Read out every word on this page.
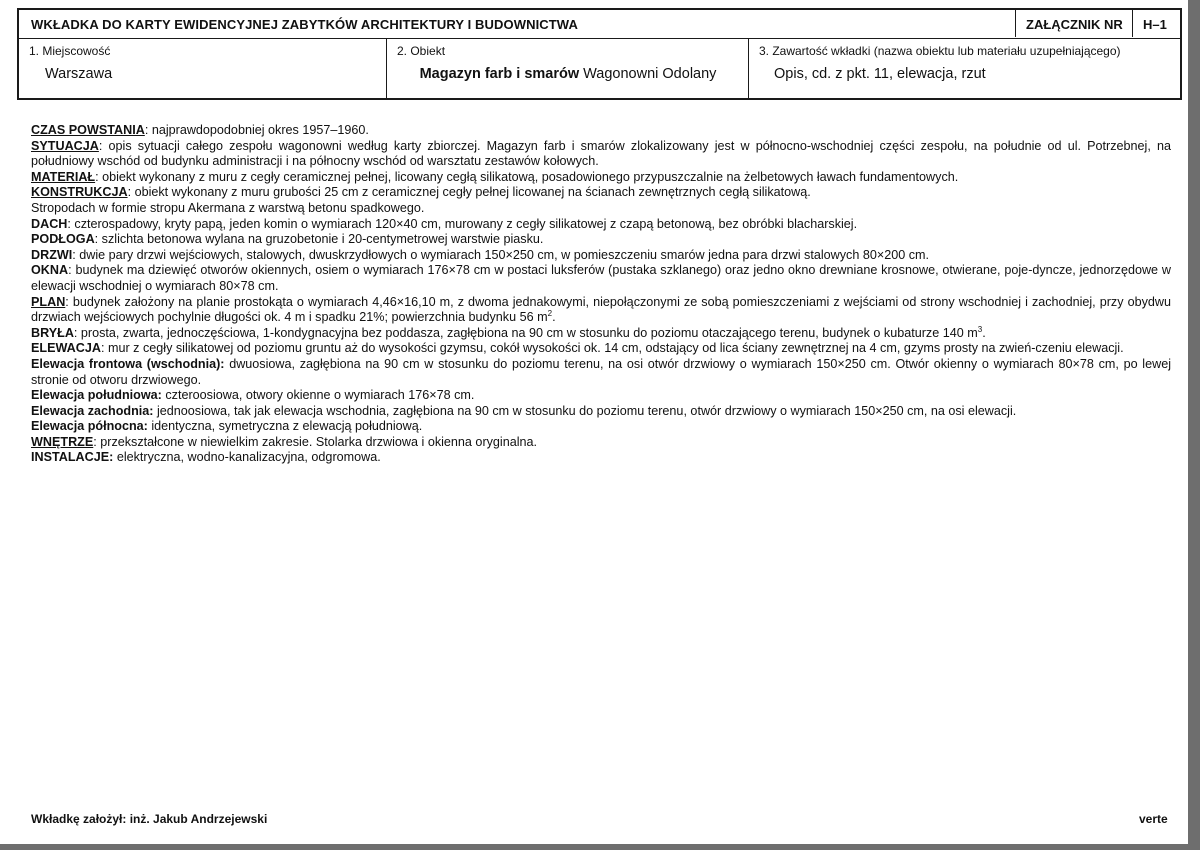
WKŁADKA DO KARTY EWIDENCYJNEJ ZABYTKÓW ARCHITEKTURY I BUDOWNICTWA	ZAŁĄCZNIK NR H–1
1. Miejscowość
Warszawa
2. Obiekt
Magazyn farb i smarów Wagonowni Odolany
3. Zawartość wkładki (nazwa obiektu lub materiału uzupełniającego)
Opis, cd. z pkt. 11, elewacja, rzut

CZAS POWSTANIA: najprawdopodobniej okres 1957–1960.

SYTUACJA: opis sytuacji całego zespołu wagonowni według karty zbiorczej. Magazyn farb i smarów zlokalizowany jest w północno-wschodniej części zespołu, na południe od ul. Potrzebnej, na południowy wschód od budynku administracji i na północny wschód od warsztatu zestawów kołowych.

MATERIAŁ: obiekt wykonany z muru z cegły ceramicznej pełnej, licowany cegłą silikatową, posadowionego przypuszczalnie na żelbetowych ławach fundamentowych.

KONSTRUKCJA: obiekt wykonany z muru grubości 25 cm z ceramicznej cegły pełnej licowanej na ścianach zewnętrznych cegłą silikatową.

Stropodach w formie stropu Akermana z warstwą betonu spadkowego.

DACH: czterospadowy, kryty papą, jeden komin o wymiarach 120×40 cm, murowany z cegły silikatowej z czapą betonową, bez obróbki blacharskiej.

PODŁOGA: szlichta betonowa wylana na gruzobetonie i 20-centymetrowej warstwie piasku.

DRZWI: dwie pary drzwi wejściowych, stalowych, dwuskrzydłowych o wymiarach 150×250 cm, w pomieszczeniu smarów jedna para drzwi stalowych 80×200 cm.

OKNA: budynek ma dziewięć otworów okiennych, osiem o wymiarach 176×78 cm w postaci luksferów (pustaka szklanego) oraz jedno okno drewniane krosnowe, otwierane, poje-dyncze, jednorzędowe w elewacji wschodniej o wymiarach 80×78 cm.

PLAN: budynek założony na planie prostokąta o wymiarach 4,46×16,10 m, z dwoma jednakowymi, niepołączonymi ze sobą pomieszczeniami z wejściami od strony wschodniej i zachodniej, przy obydwu drzwiach wejściowych pochylnie długości ok. 4 m i spadku 21%; powierzchnia budynku 56 $m^2$.

BRYŁA: prosta, zwarta, jednoczęściowa, 1-kondygnacyjna bez poddasza, zagłębiona na 90 cm w stosunku do poziomu otaczającego terenu, budynek o kubaturze 140 $m^3$.

ELEWACJA: mur z cegły silikatowej od poziomu gruntu aż do wysokości gzymsu, cokół wysokości ok. 14 cm, odstający od lica ściany zewnętrznej na 4 cm, gzyms prosty na zwień-czeniu elewacji.

Elewacja frontowa (wschodnia): dwuosiowa, zagłębiona na 90 cm w stosunku do poziomu terenu, na osi otwór drzwiowy o wymiarach 150×250 cm. Otwór okienny o wymiarach 80×78 cm, po lewej stronie od otworu drzwiowego.

Elewacja południowa: czteroosiowa, otwory okienne o wymiarach 176×78 cm.

Elewacja zachodnia: jednoosiowa, tak jak elewacja wschodnia, zagłębiona na 90 cm w stosunku do poziomu terenu, otwór drzwiowy o wymiarach 150×250 cm, na osi elewacji.

Elewacja północna: identyczna, symetryczna z elewacją południową.

WNĘTRZE: przekształcone w niewielkim zakresie. Stolarka drzwiowa i okienna oryginalna.

INSTALACJE: elektryczna, wodno-kanalizacyjna, odgromowa.

Wkładkę założył: inż. Jakub Andrzejewski	verte
